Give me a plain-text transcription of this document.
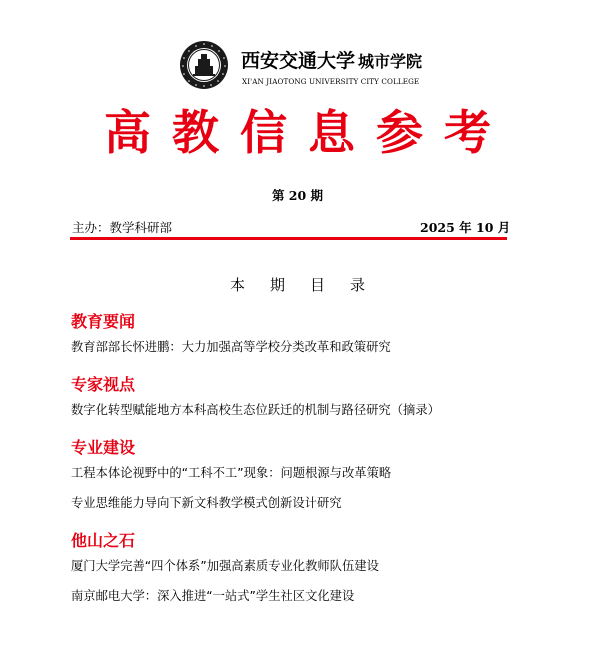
西安交通大学 城市学院
XI'AN JIAOTONG UNIVERSITY CITY COLLEGE
高教信息参考
第 20 期
主办：教学科研部	2025 年 10 月
本期目录
教育要闻
教育部部长怀进鹏：大力加强高等学校分类改革和政策研究
专家视点
数字化转型赋能地方本科高校生态位跃迁的机制与路径研究（摘录）
专业建设
工程本体论视野中的“工科不工”现象：问题根源与改革策略
专业思维能力导向下新文科教学模式创新设计研究
他山之石
厦门大学完善“四个体系”加强高素质专业化教师队伍建设
南京邮电大学：深入推进“一站式”学生社区文化建设
